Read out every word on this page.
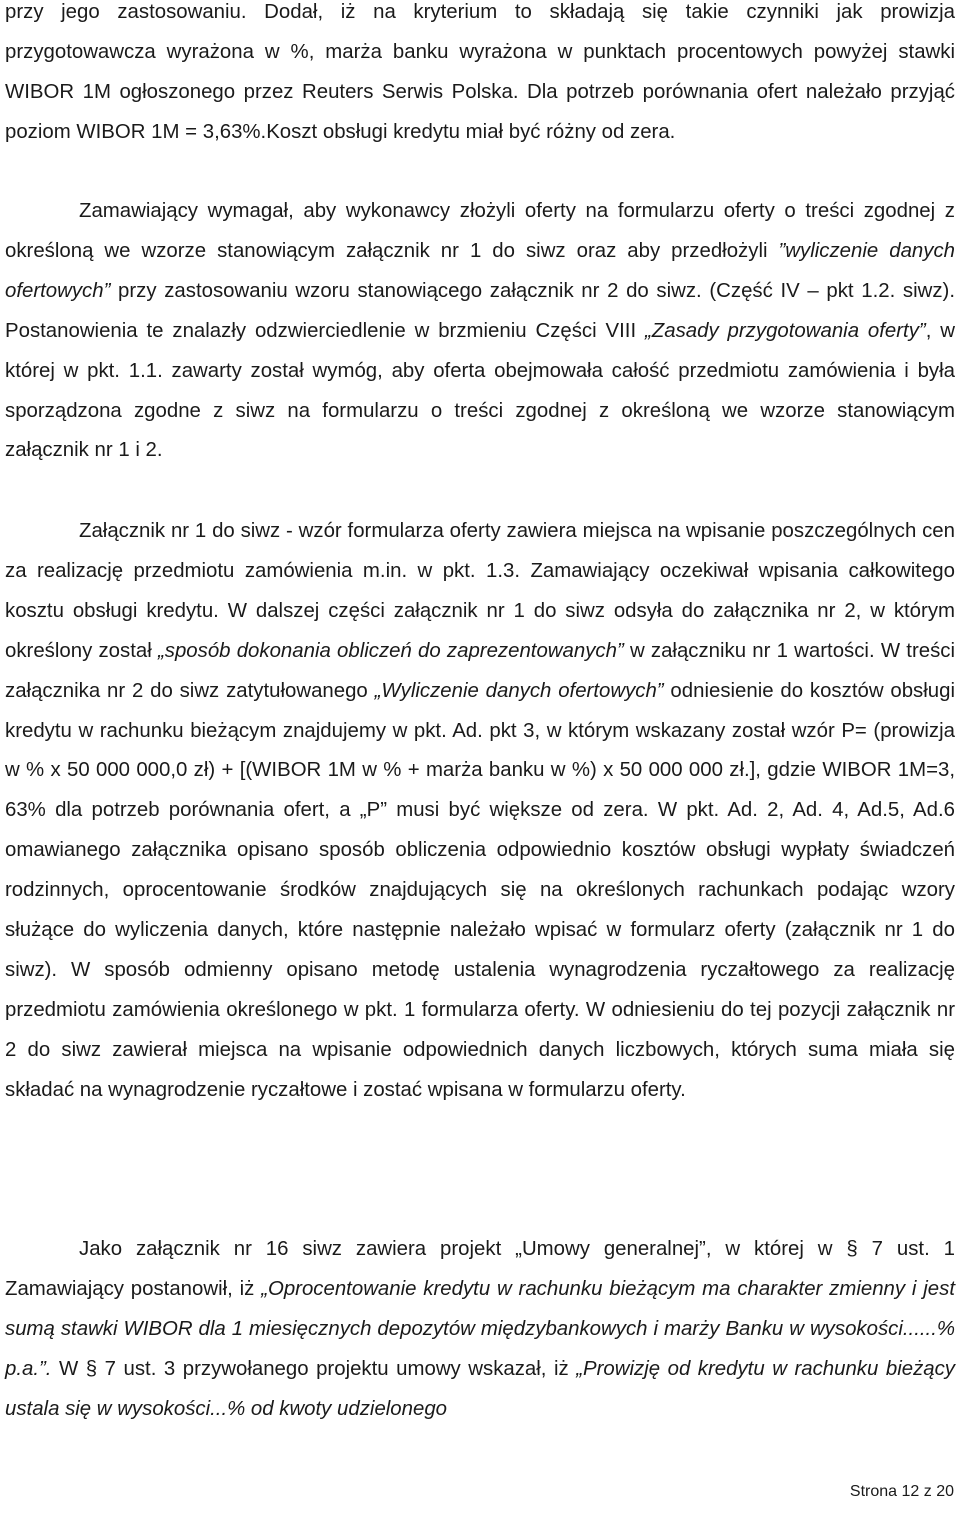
przy jego zastosowaniu. Dodał, iż na kryterium to składają się takie czynniki jak prowizja przygotowawcza wyrażona w %, marża banku wyrażona w punktach procentowych powyżej stawki WIBOR 1M ogłoszonego przez Reuters Serwis Polska. Dla potrzeb porównania ofert należało przyjąć poziom WIBOR 1M = 3,63%.Koszt obsługi kredytu miał być różny od zera.

Zamawiający wymagał, aby wykonawcy złożyli oferty na formularzu oferty o treści zgodnej z określoną we wzorze stanowiącym załącznik nr 1 do siwz oraz aby przedłożyli ”wyliczenie danych ofertowych” przy zastosowaniu wzoru stanowiącego załącznik nr 2 do siwz. (Część IV – pkt 1.2. siwz). Postanowienia te znalazły odzwierciedlenie w brzmieniu Części VIII „Zasady przygotowania oferty”, w której w pkt. 1.1. zawarty został wymóg, aby oferta obejmowała całość przedmiotu zamówienia i była sporządzona zgodne z siwz na formularzu o treści zgodnej z określoną we wzorze stanowiącym załącznik nr 1 i 2.

Załącznik nr 1 do siwz - wzór formularza oferty zawiera miejsca na wpisanie poszczególnych cen za realizację przedmiotu zamówienia m.in. w pkt. 1.3. Zamawiający oczekiwał wpisania całkowitego kosztu obsługi kredytu. W dalszej części załącznik nr 1 do siwz odsyła do załącznika nr 2, w którym określony został „sposób dokonania obliczeń do zaprezentowanych” w załączniku nr 1 wartości. W treści załącznika nr 2 do siwz zatytułowanego „Wyliczenie danych ofertowych” odniesienie do kosztów obsługi kredytu w rachunku bieżącym znajdujemy w pkt. Ad. pkt 3, w którym wskazany został wzór P= (prowizja w % x 50 000 000,0 zł) + [(WIBOR 1M w % + marża banku w %) x 50 000 000 zł.], gdzie WIBOR 1M=3, 63% dla potrzeb porównania ofert, a „P” musi być większe od zera. W pkt. Ad. 2, Ad. 4, Ad.5, Ad.6 omawianego załącznika opisano sposób obliczenia odpowiednio kosztów obsługi wypłaty świadczeń rodzinnych, oprocentowanie środków znajdujących się na określonych rachunkach podając wzory służące do wyliczenia danych, które następnie należało wpisać w formularz oferty (załącznik nr 1 do siwz). W sposób odmienny opisano metodę ustalenia wynagrodzenia ryczałtowego za realizację przedmiotu zamówienia określonego w pkt. 1 formularza oferty. W odniesieniu do tej pozycji załącznik nr 2 do siwz zawierał miejsca na wpisanie odpowiednich danych liczbowych, których suma miała się składać na wynagrodzenie ryczałtowe i zostać wpisana w formularzu oferty.

Jako załącznik nr 16 siwz zawiera projekt „Umowy generalnej”, w której w § 7 ust. 1 Zamawiający postanowił, iż „Oprocentowanie kredytu w rachunku bieżącym ma charakter zmienny i jest sumą stawki WIBOR dla 1 miesięcznych depozytów międzybankowych i marży Banku w wysokości......% p.a.”. W § 7 ust. 3 przywołanego projektu umowy wskazał, iż „Prowizję od kredytu w rachunku bieżący ustala się w wysokości...% od kwoty udzielonego

Strona 12 z 20
